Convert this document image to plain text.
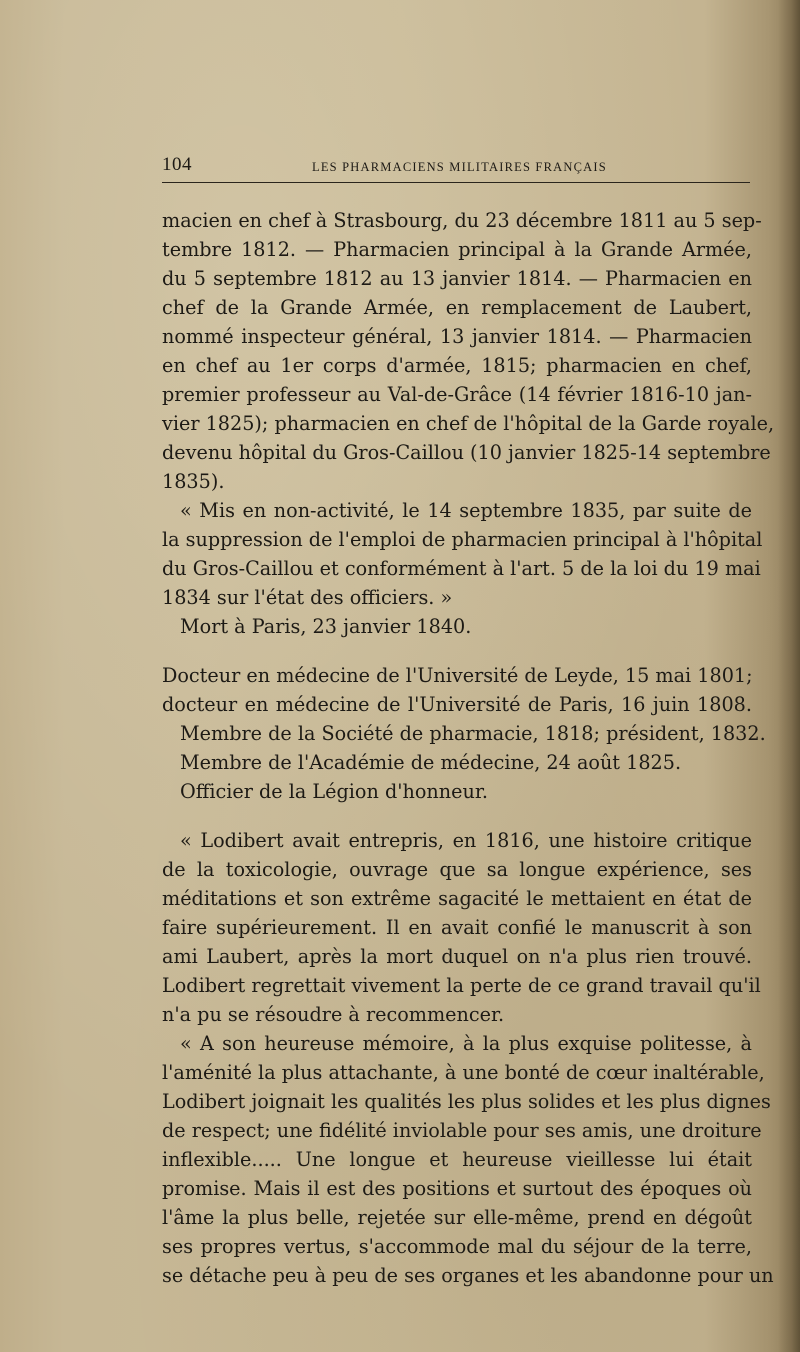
104	LES PHARMACIENS MILITAIRES FRANÇAIS
macien en chef à Strasbourg, du 23 décembre 1811 au 5 sep-
tembre 1812. — Pharmacien principal à la Grande Armée,
du 5 septembre 1812 au 13 janvier 1814. — Pharmacien en
chef de la Grande Armée, en remplacement de Laubert,
nommé inspecteur général, 13 janvier 1814. — Pharmacien
en chef au 1er corps d'armée, 1815; pharmacien en chef,
premier professeur au Val-de-Grâce (14 février 1816-10 jan-
vier 1825); pharmacien en chef de l'hôpital de la Garde royale,
devenu hôpital du Gros-Caillou (10 janvier 1825-14 septembre
1835).
« Mis en non-activité, le 14 septembre 1835, par suite de
la suppression de l'emploi de pharmacien principal à l'hôpital
du Gros-Caillou et conformément à l'art. 5 de la loi du 19 mai
1834 sur l'état des officiers. »
Mort à Paris, 23 janvier 1840.
Docteur en médecine de l'Université de Leyde, 15 mai 1801;
docteur en médecine de l'Université de Paris, 16 juin 1808.
Membre de la Société de pharmacie, 1818; président, 1832.
Membre de l'Académie de médecine, 24 août 1825.
Officier de la Légion d'honneur.
« Lodibert avait entrepris, en 1816, une histoire critique
de la toxicologie, ouvrage que sa longue expérience, ses
méditations et son extrême sagacité le mettaient en état de
faire supérieurement. Il en avait confié le manuscrit à son
ami Laubert, après la mort duquel on n'a plus rien trouvé.
Lodibert regrettait vivement la perte de ce grand travail qu'il
n'a pu se résoudre à recommencer.
« A son heureuse mémoire, à la plus exquise politesse, à
l'aménité la plus attachante, à une bonté de cœur inaltérable,
Lodibert joignait les qualités les plus solides et les plus dignes
de respect; une fidélité inviolable pour ses amis, une droiture
inflexible..... Une longue et heureuse vieillesse lui était
promise. Mais il est des positions et surtout des époques où
l'âme la plus belle, rejetée sur elle-même, prend en dégoût
ses propres vertus, s'accommode mal du séjour de la terre,
se détache peu à peu de ses organes et les abandonne pour un
